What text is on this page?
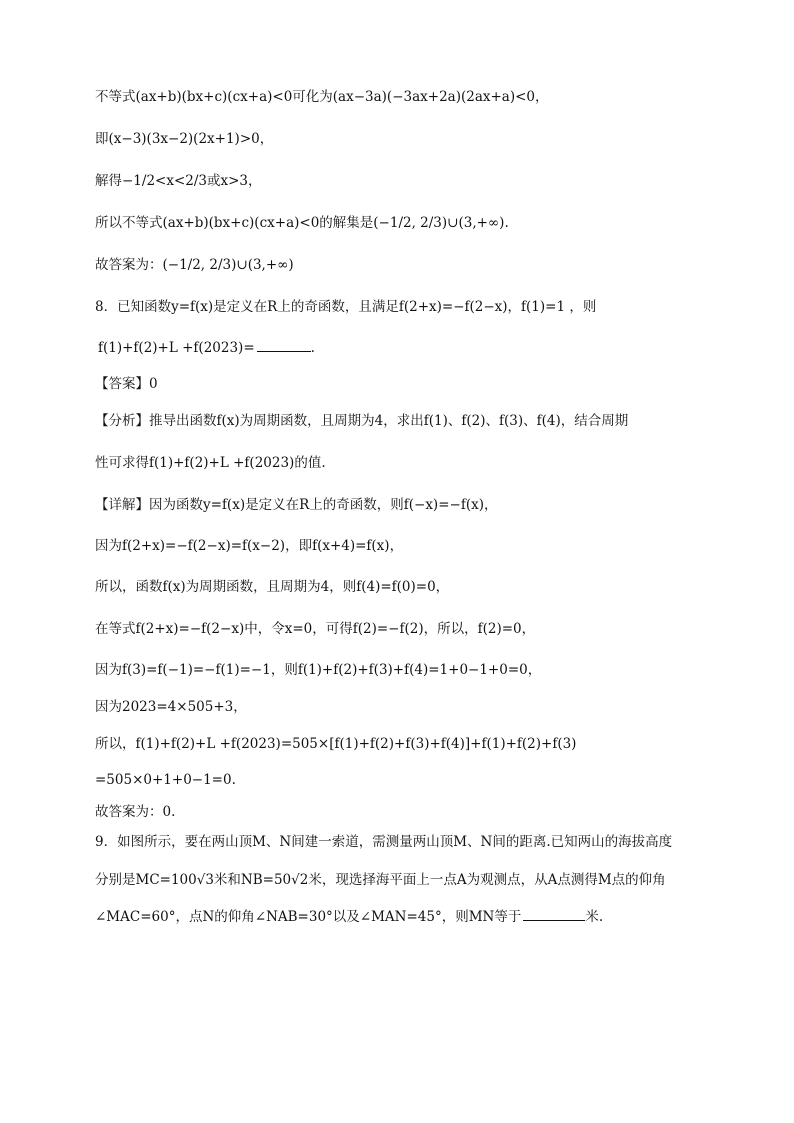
不等式(ax+b)(bx+c)(cx+a)<0可化为(ax−3a)(−3ax+2a)(2ax+a)<0，
即(x−3)(3x−2)(2x+1)>0，
解得−1/2<x<2/3或x>3，
所以不等式(ax+b)(bx+c)(cx+a)<0的解集是(−1/2, 2/3)∪(3,+∞).
故答案为：(−1/2, 2/3)∪(3,+∞)
8．已知函数y=f(x)是定义在R上的奇函数，且满足f(2+x)=−f(2−x)，f(1)=1 ，则
f(1)+f(2)+L +f(2023)=	.
【答案】0
【分析】推导出函数f(x)为周期函数，且周期为4，求出f(1)、f(2)、f(3)、f(4)，结合周期
性可求得f(1)+f(2)+L +f(2023)的值.
【详解】因为函数y=f(x)是定义在R上的奇函数，则f(−x)=−f(x)，
因为f(2+x)=−f(2−x)=f(x−2)，即f(x+4)=f(x)，
所以，函数f(x)为周期函数，且周期为4，则f(4)=f(0)=0，
在等式f(2+x)=−f(2−x)中，令x=0，可得f(2)=−f(2)，所以，f(2)=0，
因为f(3)=f(−1)=−f(1)=−1，则f(1)+f(2)+f(3)+f(4)=1+0−1+0=0，
因为2023=4×505+3，
所以，f(1)+f(2)+L +f(2023)=505×[f(1)+f(2)+f(3)+f(4)]+f(1)+f(2)+f(3)
=505×0+1+0−1=0.
故答案为：0.
9．如图所示，要在两山顶M、N间建一索道，需测量两山顶M、N间的距离.已知两山的海拔高度
分别是MC=100√3米和NB=50√2米，现选择海平面上一点A为观测点，从A点测得M点的仰角
∠MAC=60°，点N的仰角∠NAB=30°以及∠MAN=45°，则MN等于	米.
